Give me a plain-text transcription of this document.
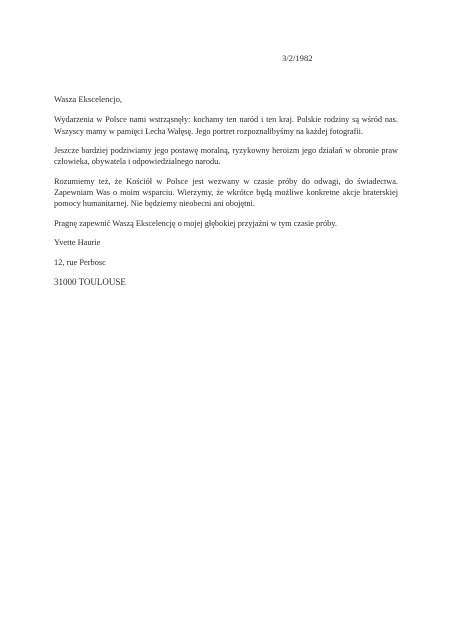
3/2/1982

Wasza Ekscelencjo,

Wydarzenia w Polsce nami wstrząsnęły: kochamy ten naród i ten kraj. Polskie rodziny są wśród nas. Wszyscy mamy w pamięci Lecha Wałęsę. Jego portret rozpoznalibyśmy na każdej fotografii.

Jeszcze bardziej podziwiamy jego postawę moralną, ryzykowny heroizm jego działań w obronie praw człowieka, obywatela i odpowiedzialnego narodu.

Rozumiemy też, że Kościół w Polsce jest wezwany w czasie próby do odwagi, do świadectwa. Zapewniam Was o moim wsparciu. Wierzymy, że wkrótce będą możliwe konkretne akcje braterskiej pomocy humanitarnej. Nie będziemy nieobecni ani obojętni.

Pragnę zapewnić Waszą Ekscelencję o mojej głębokiej przyjaźni w tym czasie próby.

Yvette Haurie

12, rue Perbosc

31000 TOULOUSE
